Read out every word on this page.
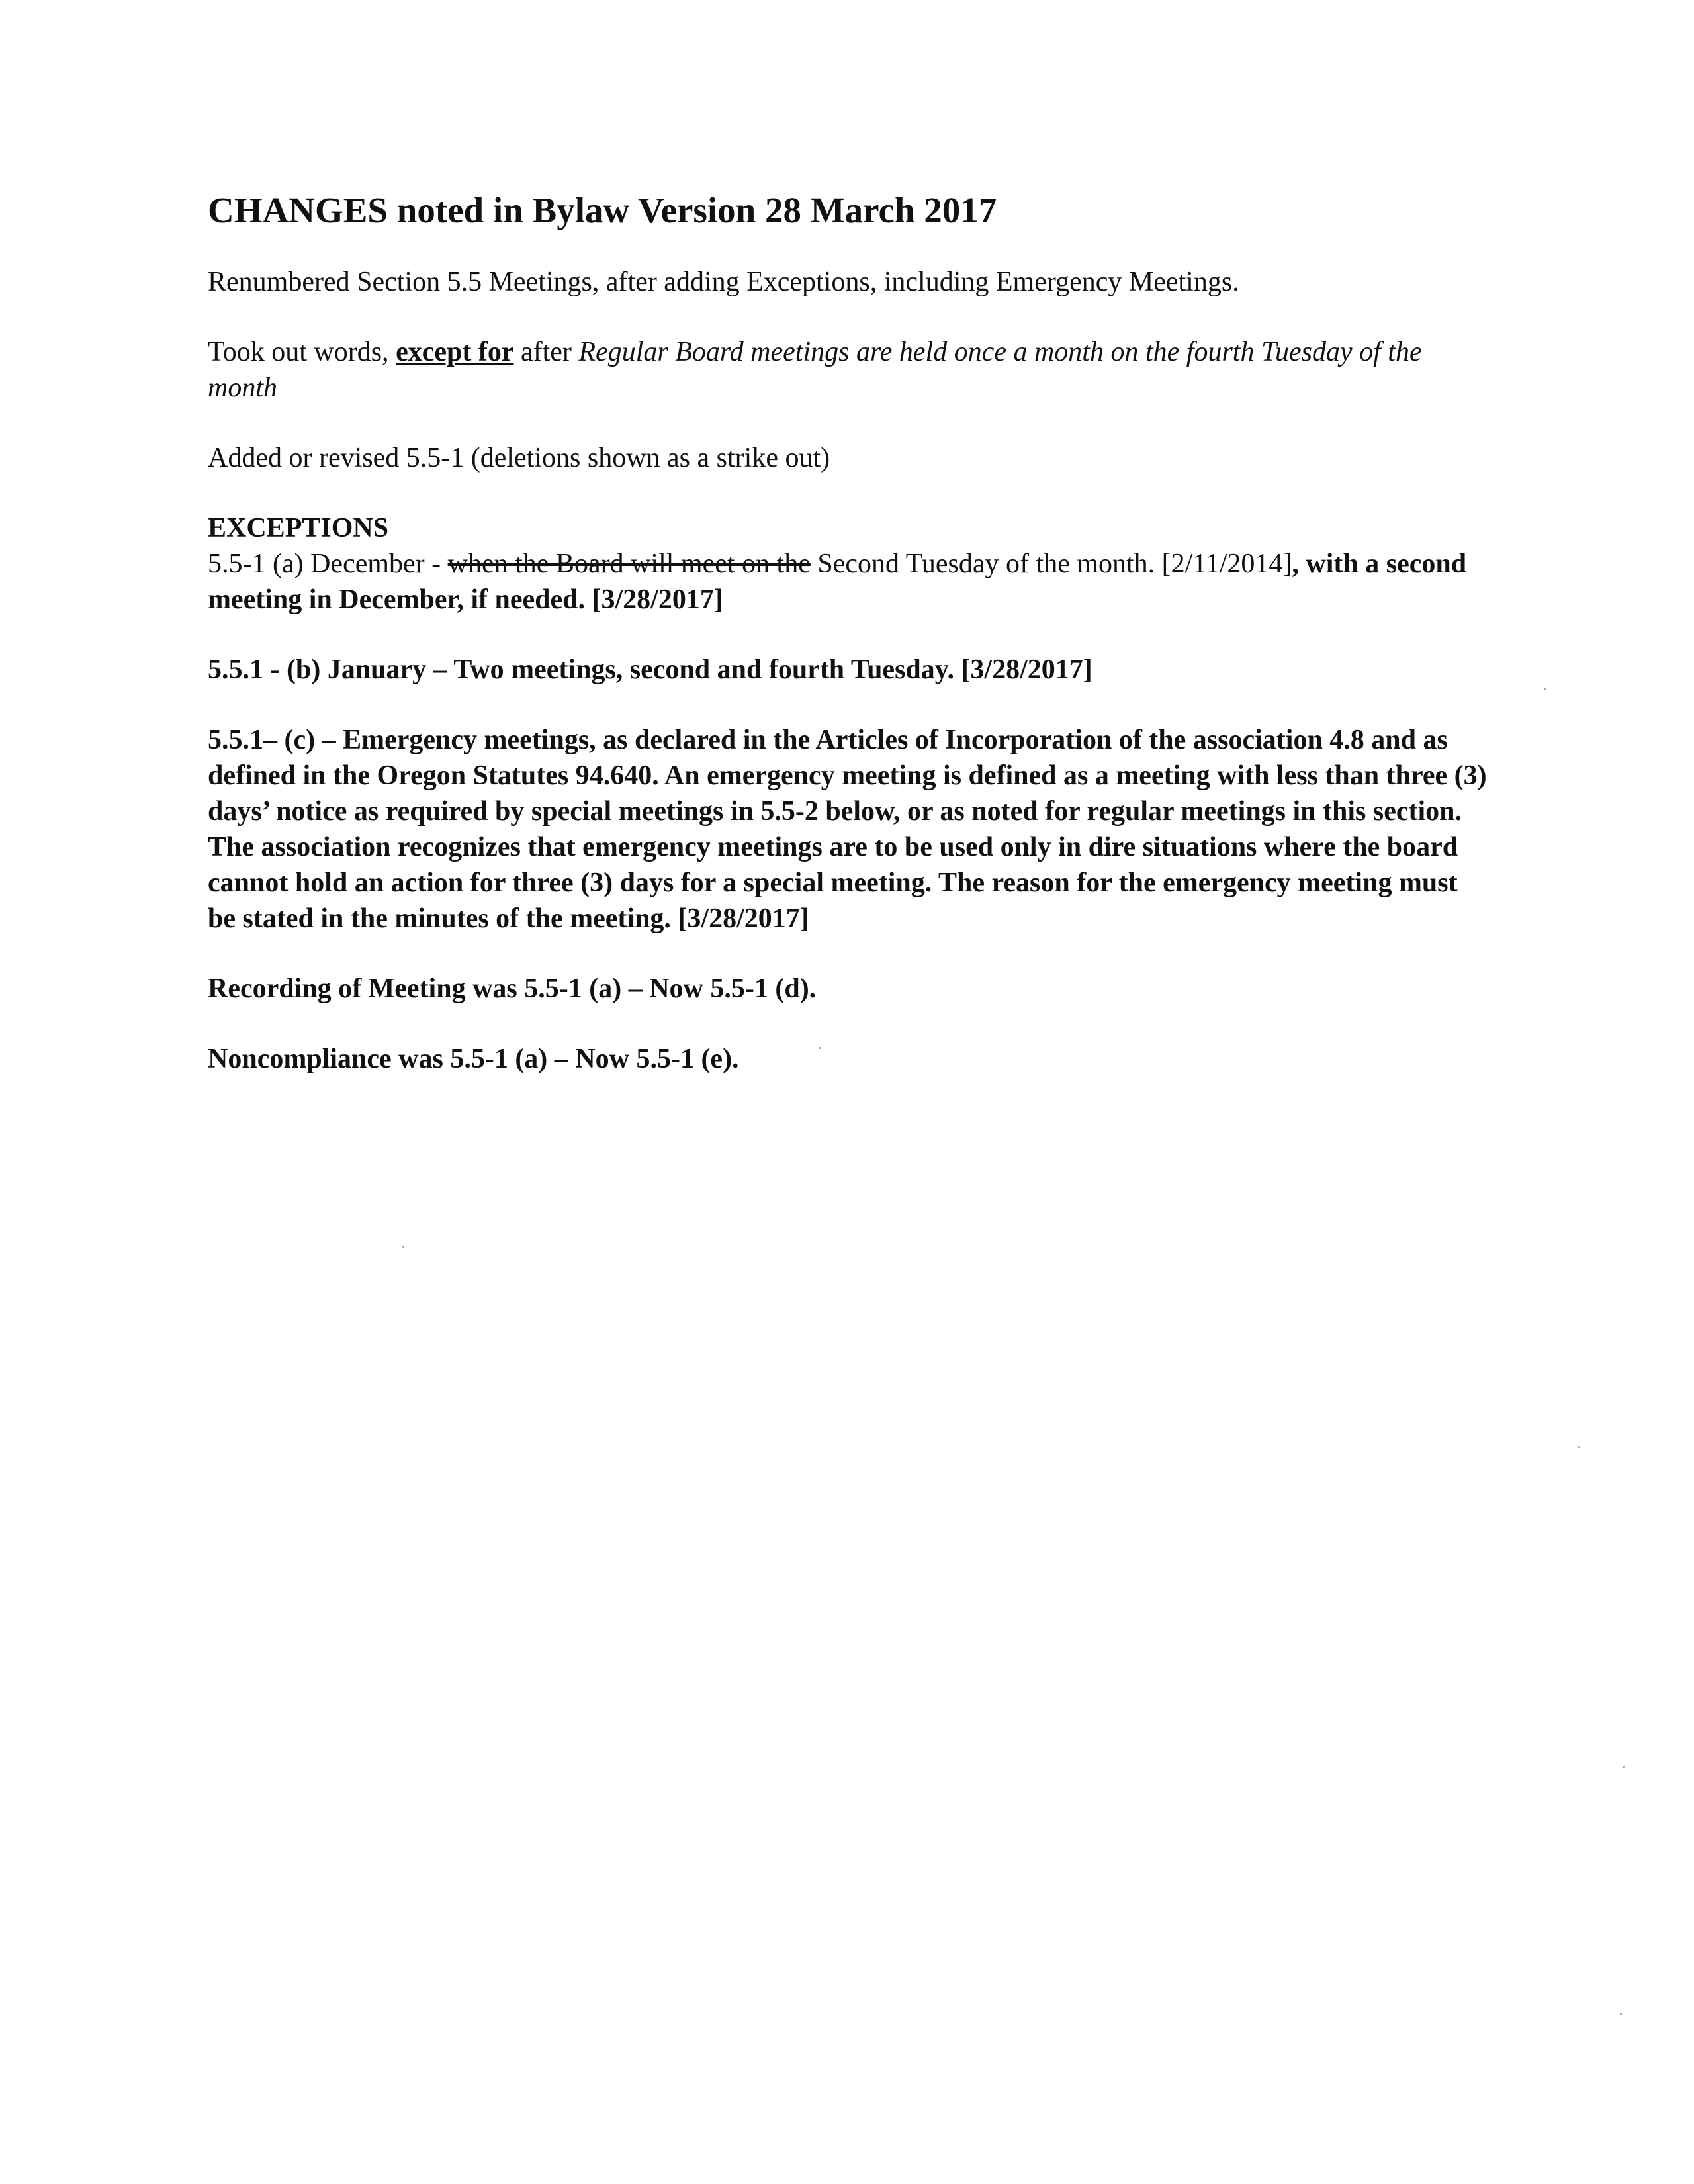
CHANGES noted in Bylaw Version 28 March 2017

Renumbered Section 5.5 Meetings, after adding Exceptions, including Emergency Meetings.

Took out words, except for after Regular Board meetings are held once a month on the fourth Tuesday of the month

Added or revised 5.5-1 (deletions shown as a strike out)

EXCEPTIONS

5.5-1 (a) December - when the Board will meet on the Second Tuesday of the month. [2/11/2014], with a second meeting in December, if needed. [3/28/2017]

5.5.1 - (b) January – Two meetings, second and fourth Tuesday. [3/28/2017]

5.5.1– (c) – Emergency meetings, as declared in the Articles of Incorporation of the association 4.8 and as defined in the Oregon Statutes 94.640. An emergency meeting is defined as a meeting with less than three (3) days’ notice as required by special meetings in 5.5-2 below, or as noted for regular meetings in this section. The association recognizes that emergency meetings are to be used only in dire situations where the board cannot hold an action for three (3) days for a special meeting. The reason for the emergency meeting must be stated in the minutes of the meeting. [3/28/2017]

Recording of Meeting was 5.5-1 (a) – Now 5.5-1 (d).

Noncompliance was 5.5-1 (a) – Now 5.5-1 (e).
